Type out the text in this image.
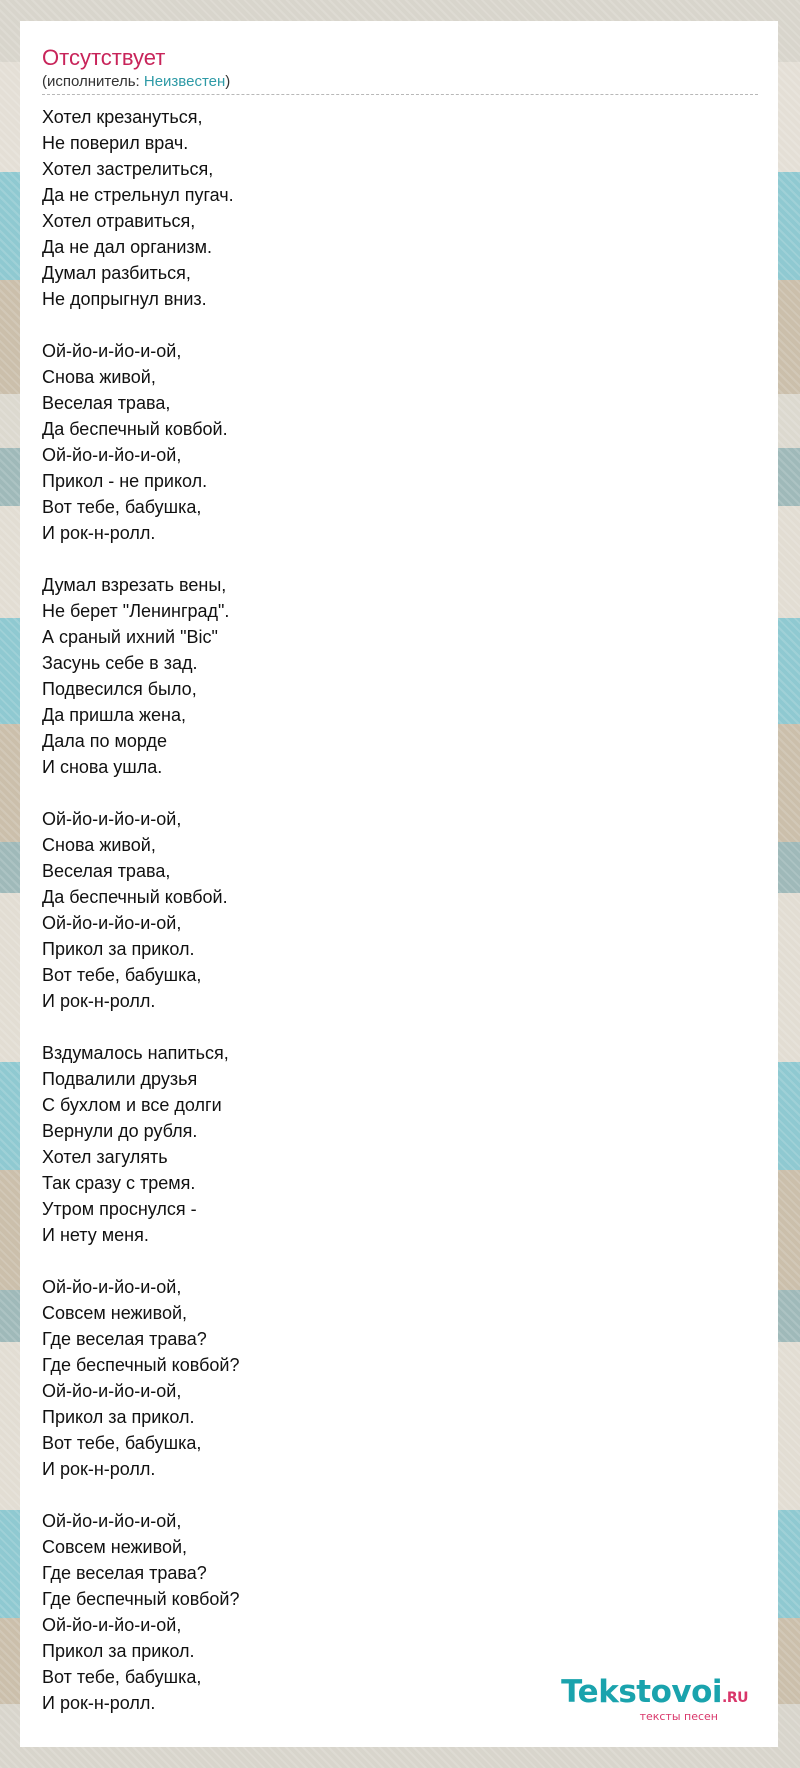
Отсутствует
(исполнитель: Неизвестен)
Хотел крезануться,
Не поверил врач.
Хотел застрелиться,
Да не стрельнул пугач.
Хотел отравиться,
Да не дал организм.
Думал разбиться,
Не допрыгнул вниз.

Ой-йо-и-йо-и-ой,
Снова живой,
Веселая трава,
Да беспечный ковбой.
Ой-йо-и-йо-и-ой,
Прикол - не прикол.
Вот тебе, бабушка,
И рок-н-ролл.

Думал взрезать вены,
Не берет "Ленинград".
А сраный ихний "Bic"
Засунь себе в зад.
Подвесился было,
Да пришла жена,
Дала по морде
И снова ушла.

Ой-йо-и-йо-и-ой,
Снова живой,
Веселая трава,
Да беспечный ковбой.
Ой-йо-и-йо-и-ой,
Прикол за прикол.
Вот тебе, бабушка,
И рок-н-ролл.

Вздумалось напиться,
Подвалили друзья
С бухлом и все долги
Вернули до рубля.
Хотел загулять
Так сразу с тремя.
Утром проснулся -
И нету меня.

Ой-йо-и-йо-и-ой,
Совсем неживой,
Где веселая трава?
Где беспечный ковбой?
Ой-йо-и-йо-и-ой,
Прикол за прикол.
Вот тебе, бабушка,
И рок-н-ролл.

Ой-йо-и-йо-и-ой,
Совсем неживой,
Где веселая трава?
Где беспечный ковбой?
Ой-йо-и-йо-и-ой,
Прикол за прикол.
Вот тебе, бабушка,
И рок-н-ролл.	Tekstovoi.RU
тексты песен
